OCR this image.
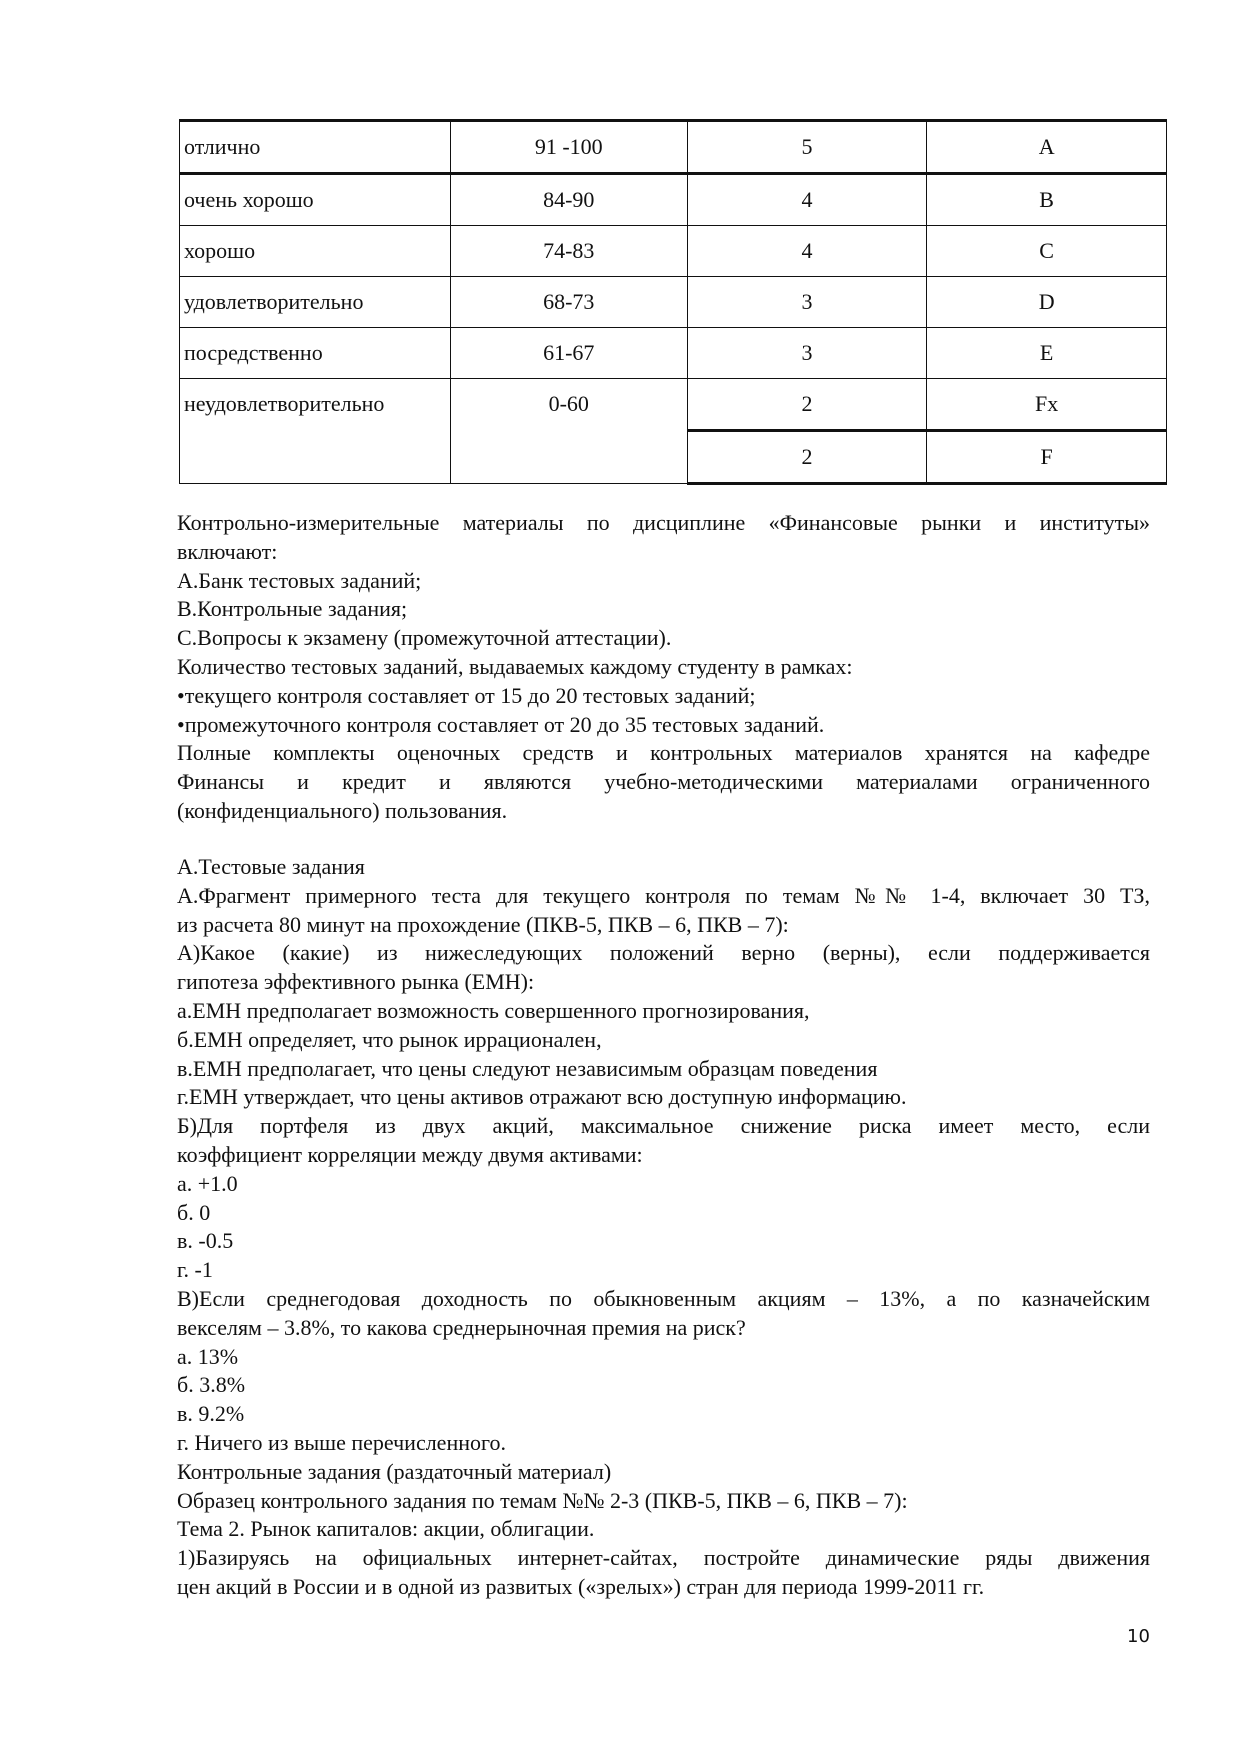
отлично	91 -100	5	A
очень хорошо	84-90	4	B
хорошо	74-83	4	C
удовлетворительно	68-73	3	D
посредственно	61-67	3	E
неудовлетворительно	0-60	2	Fx
		2	F
Контрольно-измерительные материалы по дисциплине «Финансовые рынки и институты»
включают:
А.Банк тестовых заданий;
В.Контрольные задания;
С.Вопросы к экзамену (промежуточной аттестации).
Количество тестовых заданий, выдаваемых каждому студенту в рамках:
•текущего контроля составляет от 15 до 20 тестовых заданий;
•промежуточного контроля составляет от 20 до 35 тестовых заданий.
Полные комплекты оценочных средств и контрольных материалов хранятся на кафедре
Финансы и кредит и являются учебно-методическими материалами ограниченного
(конфиденциального) пользования.
А.Тестовые задания
А.Фрагмент примерного теста для текущего контроля по темам №№ 1-4, включает 30 ТЗ,
из расчета 80 минут на прохождение (ПКВ-5, ПКВ – 6, ПКВ – 7):
А)Какое (какие) из нижеследующих положений верно (верны), если поддерживается
гипотеза эффективного рынка (ЕМН):
а.ЕМН предполагает возможность совершенного прогнозирования,
б.ЕМН определяет, что рынок иррационален,
в.ЕМН предполагает, что цены следуют независимым образцам поведения
г.ЕМН утверждает, что цены активов отражают всю доступную информацию.
Б)Для портфеля из двух акций, максимальное снижение риска имеет место, если
коэффициент корреляции между двумя активами:
а. +1.0
б. 0
в. -0.5
г. -1
В)Если среднегодовая доходность по обыкновенным акциям – 13%, а по казначейским
векселям – 3.8%, то какова среднерыночная премия на риск?
а. 13%
б. 3.8%
в. 9.2%
г. Ничего из выше перечисленного.
Контрольные задания (раздаточный материал)
Образец контрольного задания по темам №№ 2-3 (ПКВ-5, ПКВ – 6, ПКВ – 7):
Тема 2. Рынок капиталов: акции, облигации.
1)Базируясь на официальных интернет-сайтах, постройте динамические ряды движения
цен акций в России и в одной из развитых («зрелых») стран для периода 1999-2011 гг.
10
